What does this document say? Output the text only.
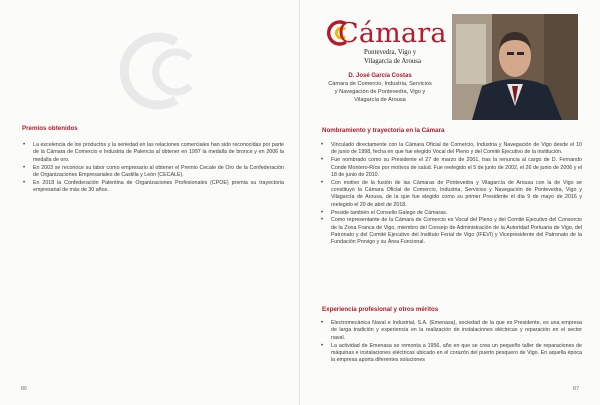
Premios obtenidos
• La excelencia de los productos y la seriedad en las relaciones comerciales han sido reconocidas por parte de la Cámara de Comercio e Industria de Palencia al obtener en 1997 la medalla de bronce y en 2006 la medalla de oro.
• En 2003 se reconoce su labor como empresario al obtener el Premio Cecale de Oro de la Confederación de Organizaciones Empresariales de Castilla y León (CECALE).
• En 2018 la Confederación Palentina de Organizaciones Profesionales (CPOE) premia su trayectoria empresarial de más de 30 años.
86
Cámara
Pontevedra, Vigo y
Vilagarcía de Arousa
D. José García Costas
Cámara de Comercio, Industria, Servicios
y Navegación de Pontevedra, Vigo y
Vilagarcía de Arousa
Nombramiento y trayectoria en la Cámara
• Vinculado directamente con la Cámara Oficial de Comercio, Industria y Navegación de Vigo desde el 10 de junio de 1998, fecha en que fue elegido Vocal del Pleno y del Comité Ejecutivo de la institución.
• Fue nombrado como su Presidente el 27 de marzo de 2001, tras la renuncia al cargo de D. Fernando Conde Montero-Ríos por motivos de salud. Fue reelegido el 5 de junio de 2002, el 26 de junio de 2006 y el 18 de junio de 2010.
• Con motivo de la fusión de las Cámaras de Pontevedra y Vilagarcía de Arousa con la de Vigo se constituyó la Cámara Oficial de Comercio, Industria, Servicios y Navegación de Pontevedra, Vigo y Vilagarcía de Arousa, de la que fue elegido como su primer Presidente el día 9 de mayo de 2016 y reelegido el 20 de abril de 2018.
• Preside también el Consello Galego de Cámaras.
• Como representante de la Cámara de Comercio es Vocal del Pleno y del Comité Ejecutivo del Consorcio de la Zona Franca de Vigo, miembro del Consejo de Administración de la Autoridad Portuaria de Vigo, del Patronato y del Comité Ejecutivo del Instituto Ferial de Vigo (IFEVI) y Vicepresidente del Patronato de la Fundación Provigo y su Área Funcional.
Experiencia profesional y otros méritos
• Electromecánica Naval e Industrial, S.A. (Emenasa), sociedad de la que es Presidente, es una empresa de larga tradición y experiencia en la realización de instalaciones eléctricas y reparación en el sector naval.
• La actividad de Emenasa se remonta a 1956, año en que se crea un pequeño taller de reparaciones de máquinas e instalaciones eléctricas ubicado en el corazón del puerto pesquero de Vigo. En aquella época la empresa aporta diferentes soluciones
87
